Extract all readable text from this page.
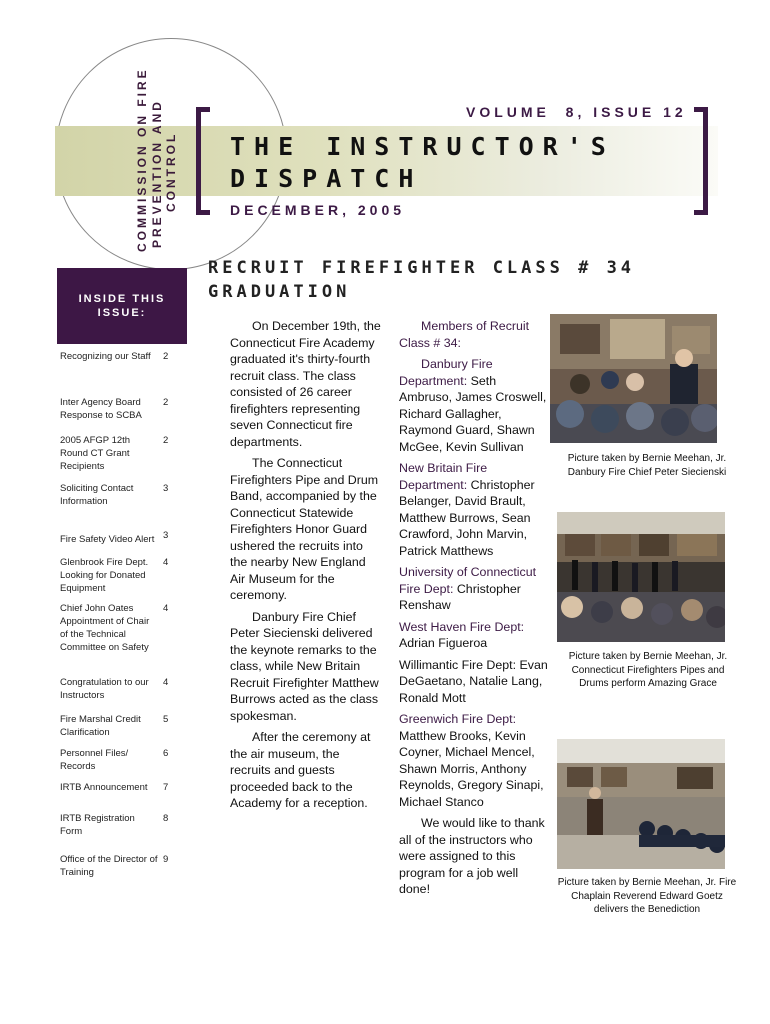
COMMISSION ON FIRE PREVENTION AND CONTROL
VOLUME  8, ISSUE 12
THE INSTRUCTOR'S
DISPATCH
DECEMBER, 2005
INSIDE THIS ISSUE:
Recognizing our Staff	2
Inter Agency Board Response to SCBA
2
2005 AFGP 12th Round CT Grant Recipients
2
Soliciting Contact Information
3
Fire Safety Video Alert 3
Glenbrook Fire Dept. Looking for Donated Equipment
4
Chief John Oates Appointment of Chair of the Technical Committee on Safety
4
Congratulation to our Instructors
4
Fire Marshal Credit Clarification
5
Personnel Files/ Records
6
IRTB Announcement	7
IRTB Registration Form
8
Office of the Director of Training
9
RECRUIT FIREFIGHTER CLASS # 34
GRADUATION

On December 19th, the Connecticut Fire Academy graduated it's thirty-fourth recruit class. The class consisted of 26 career firefighters representing seven Connecticut fire departments.

The Connecticut Firefighters Pipe and Drum Band, accompanied by the Connecticut Statewide Firefighters Honor Guard ushered the recruits into the nearby New England Air Museum for the ceremony.

Danbury Fire Chief Peter Siecienski delivered the keynote remarks to the class, while New Britain Recruit Firefighter Matthew Burrows acted as the class spokesman.

After the ceremony at the air museum, the recruits and guests proceeded back to the Academy for a reception.

Members of Recruit Class # 34:

Danbury Fire Department: Seth Ambruso, James Croswell, Richard Gallagher, Raymond Guard, Shawn McGee, Kevin Sullivan

New Britain Fire Department: Christopher Belanger, David Brault, Matthew Burrows, Sean Crawford, John Marvin, Patrick Matthews

University of Connecticut Fire Dept: Christopher Renshaw

West Haven Fire Dept: Adrian Figueroa

Willimantic Fire Dept: Evan DeGaetano, Natalie Lang, Ronald Mott

Greenwich Fire Dept: Matthew Brooks, Kevin Coyner, Michael Mencel, Shawn Morris, Anthony Reynolds, Gregory Sinapi, Michael Stanco

We would like to thank all of the instructors who were assigned to this program for a job well done!

Picture taken by Bernie Meehan, Jr. Danbury Fire Chief Peter Siecienski
Picture taken by Bernie Meehan, Jr. Connecticut Firefighters Pipes and Drums perform Amazing Grace
Picture taken by Bernie Meehan, Jr. Fire Chaplain Reverend Edward Goetz delivers the Benediction
